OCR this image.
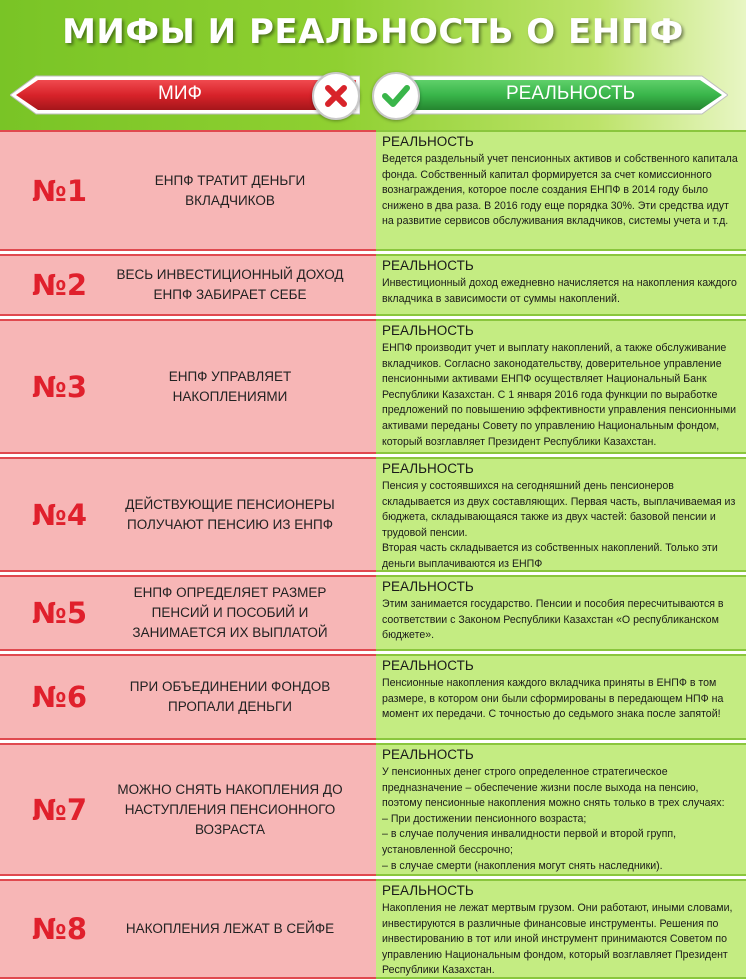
МИФЫ И РЕАЛЬНОСТЬ О ЕНПФ
МИФ	РЕАЛЬНОСТЬ
№1	ЕНПФ ТРАТИТ ДЕНЬГИ ВКЛАДЧИКОВ
РЕАЛЬНОСТЬ
Ведется раздельный учет пенсионных активов и собственного капитала фонда. Собственный капитал формируется за счет комиссионного вознаграждения, которое после создания ЕНПФ в 2014 году было снижено в два раза. В 2016 году еще порядка 30%. Эти средства идут на развитие сервисов обслуживания вкладчиков, системы учета и т.д.
№2 ВЕСЬ ИНВЕСТИЦИОННЫЙ ДОХОД ЕНПФ ЗАБИРАЕТ СЕБЕ
РЕАЛЬНОСТЬ
Инвестиционный доход ежедневно начисляется на накопления каждого вкладчика в зависимости от суммы накоплений.
№3	ЕНПФ УПРАВЛЯЕТ НАКОПЛЕНИЯМИ
РЕАЛЬНОСТЬ
ЕНПФ производит учет и выплату накоплений, а также обслуживание вкладчиков. Согласно законодательству, доверительное управление пенсионными активами ЕНПФ осуществляет Национальный Банк Республики Казахстан. С 1 января 2016 года функции по выработке предложений по повышению эффективности управления пенсионными активами переданы Совету по управлению Национальным фондом, который возглавляет Президент Республики Казахстан.
№4	ДЕЙСТВУЮЩИЕ ПЕНСИОНЕРЫ ПОЛУЧАЮТ ПЕНСИЮ ИЗ ЕНПФ
РЕАЛЬНОСТЬ

Пенсия у состоявшихся на сегодняшний день пенсионеров складывается из двух составляющих. Первая часть, выплачиваемая из бюджета, складывающаяся также из двух частей: базовой пенсии и трудовой пенсии.

Вторая часть складывается из собственных накоплений. Только эти деньги выплачиваются из ЕНПФ

№5
ЕНПФ ОПРЕДЕЛЯЕТ РАЗМЕР ПЕНСИЙ И ПОСОБИЙ И ЗАНИМАЕТСЯ ИХ ВЫПЛАТОЙ
РЕАЛЬНОСТЬ
Этим занимается государство. Пенсии и пособия пересчитываются в соответствии с Законом Республики Казахстан «О республиканском бюджете».
№6	ПРИ ОБЪЕДИНЕНИИ ФОНДОВ ПРОПАЛИ ДЕНЬГИ
РЕАЛЬНОСТЬ
Пенсионные накопления каждого вкладчика приняты в ЕНПФ в том размере, в котором они были сформированы в передающем НПФ на момент их передачи. С точностью до седьмого знака после запятой!
№7
МОЖНО СНЯТЬ НАКОПЛЕНИЯ ДО НАСТУПЛЕНИЯ ПЕНСИОННОГО ВОЗРАСТА
РЕАЛЬНОСТЬ

У пенсионных денег строго определенное стратегическое предназначение – обеспечение жизни после выхода на пенсию, поэтому пенсионные накопления можно снять только в трех случаях:

– При достижении пенсионного возраста;

– в случае получения инвалидности первой и второй групп, установленной бессрочно;

– в случае смерти (накопления могут снять наследники).

№8	НАКОПЛЕНИЯ ЛЕЖАТ В СЕЙФЕ
РЕАЛЬНОСТЬ
Накопления не лежат мертвым грузом. Они работают, иными словами, инвестируются в различные финансовые инструменты. Решения по инвестированию в тот или иной инструмент принимаются Советом по управлению Национальным фондом, который возглавляет Президент Республики Казахстан.
